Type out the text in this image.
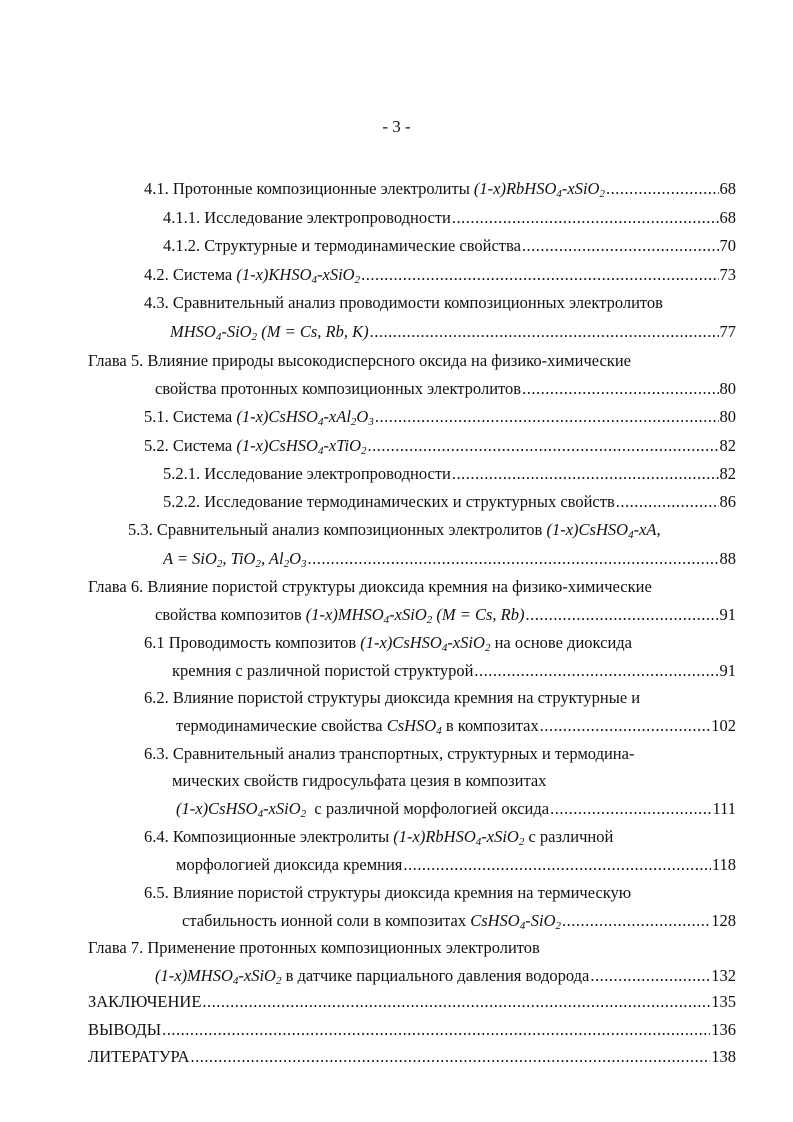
- 3 -
4.1. Протонные композиционные электролиты (1-x)RbHSO$_4$-xSiO$_2$ .....	68
4.1.1. Исследование электропроводности .....	68
4.1.2. Структурные и термодинамические свойства .....	70
4.2. Система $(1-x)KHSO_4-xSiO_2$ .....	73
4.3. Сравнительный анализ проводимости композиционных электролитов
$MHSO_4-SiO_2$ (M = Cs, Rb, K) .....	77
Глава 5. Влияние природы высокодисперсного оксида на физико-химические
свойства протонных композиционных электролитов .....	80
5.1. Система $(1-x)CsHSO_4-xAl_2O_3$ .....	80
5.2. Система (1-x)CsHSO$_4$-xTiO$_2$ .....	82
5.2.1. Исследование электропроводности .....	82
5.2.2. Исследование термодинамических и структурных свойств .....	86
5.3. Сравнительный анализ композиционных электролитов (1-x)CsHSO$_4$-xA,
A = SiO$_2$, TiO$_2$, $Al_2O_3$ .....	88
Глава 6. Влияние пористой структуры диоксида кремния на физико-химические
свойства композитов $(1-x)MHSO_4-xSiO_2$ (M = Cs, Rb) .....	91
6.1 Проводимость композитов (1-x)CsHSO$_4$-xSiO$_2$ на основе диоксида
кремния с различной пористой структурой .....	91
6.2. Влияние пористой структуры диоксида кремния на структурные и
термодинамические свойства CsHSO$_4$ в композитах .....	102
6.3. Сравнительный анализ транспортных, структурных и термодина-
мических свойств гидросульфата цезия в композитах
(1-x)CsHSO$_4$-xSiO$_2$  с различной морфологией оксида .....	111
6.4. Композиционные электролиты (1-x)RbHSO$_4$-xSiO$_2$ с различной
морфологией диоксида кремния .....	118
6.5. Влияние пористой структуры диоксида кремния на термическую
стабильность ионной соли в композитах CsHSO$_4$-SiO$_2$ .....	128
Глава 7. Применение протонных композиционных электролитов
$(1-x)MHSO_4-xSiO_2$ в датчике парциального давления водорода .....	132
ЗАКЛЮЧЕНИЕ .....	135
ВЫВОДЫ .....	136
ЛИТЕРАТУРА .....	138
